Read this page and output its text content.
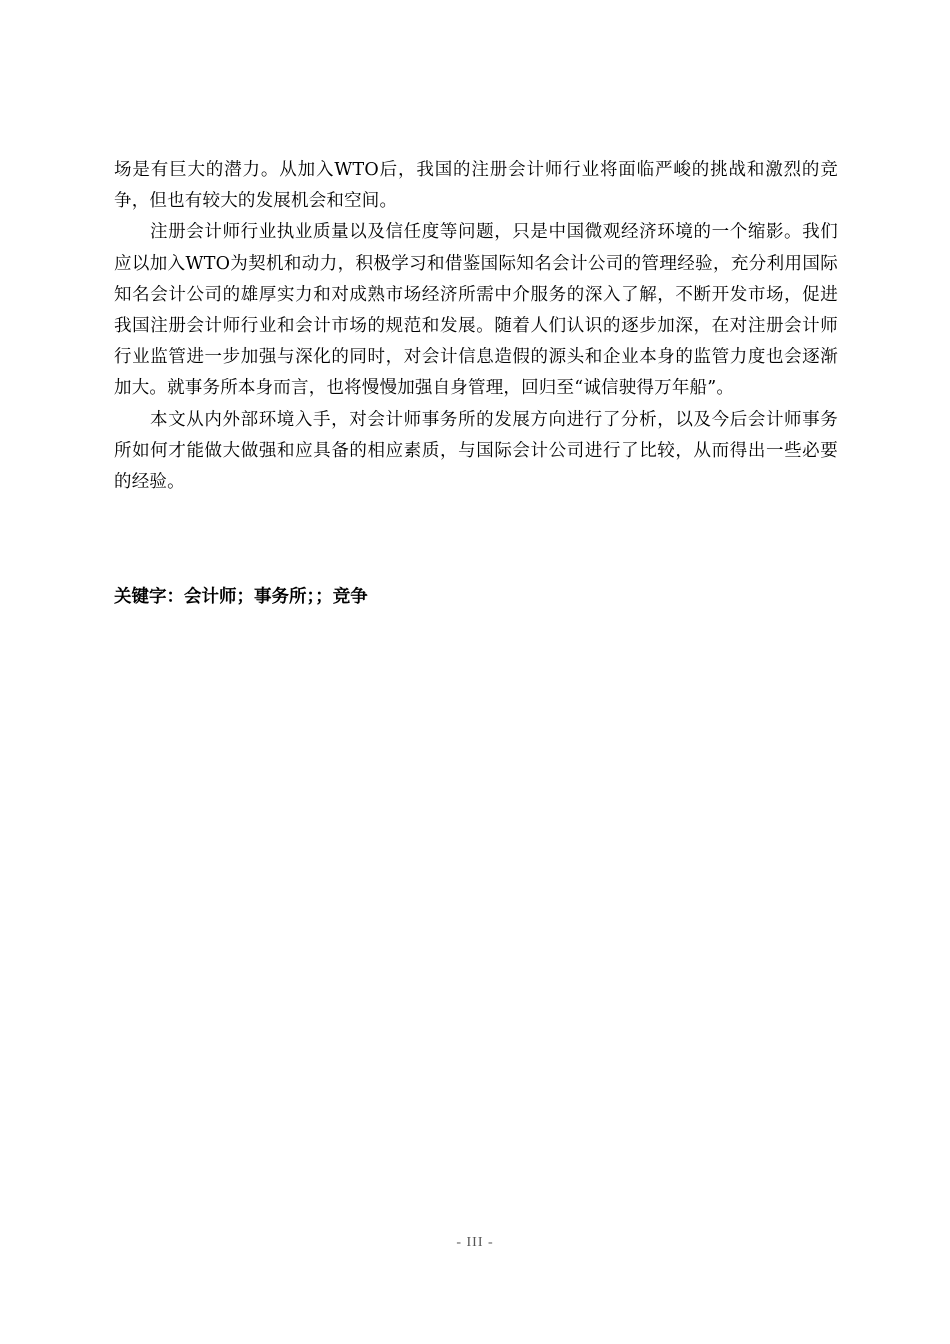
场是有巨大的潜力。从加入WTO后，我国的注册会计师行业将面临严峻的挑战和激烈的竞争，但也有较大的发展机会和空间。

注册会计师行业执业质量以及信任度等问题，只是中国微观经济环境的一个缩影。我们应以加入WTO为契机和动力，积极学习和借鉴国际知名会计公司的管理经验，充分利用国际知名会计公司的雄厚实力和对成熟市场经济所需中介服务的深入了解，不断开发市场，促进我国注册会计师行业和会计市场的规范和发展。随着人们认识的逐步加深，在对注册会计师行业监管进一步加强与深化的同时，对会计信息造假的源头和企业本身的监管力度也会逐渐加大。就事务所本身而言，也将慢慢加强自身管理，回归至“诚信驶得万年船”。

本文从内外部环境入手，对会计师事务所的发展方向进行了分析，以及今后会计师事务所如何才能做大做强和应具备的相应素质，与国际会计公司进行了比较，从而得出一些必要的经验。

关键字：会计师；事务所；；竞争
- III -
